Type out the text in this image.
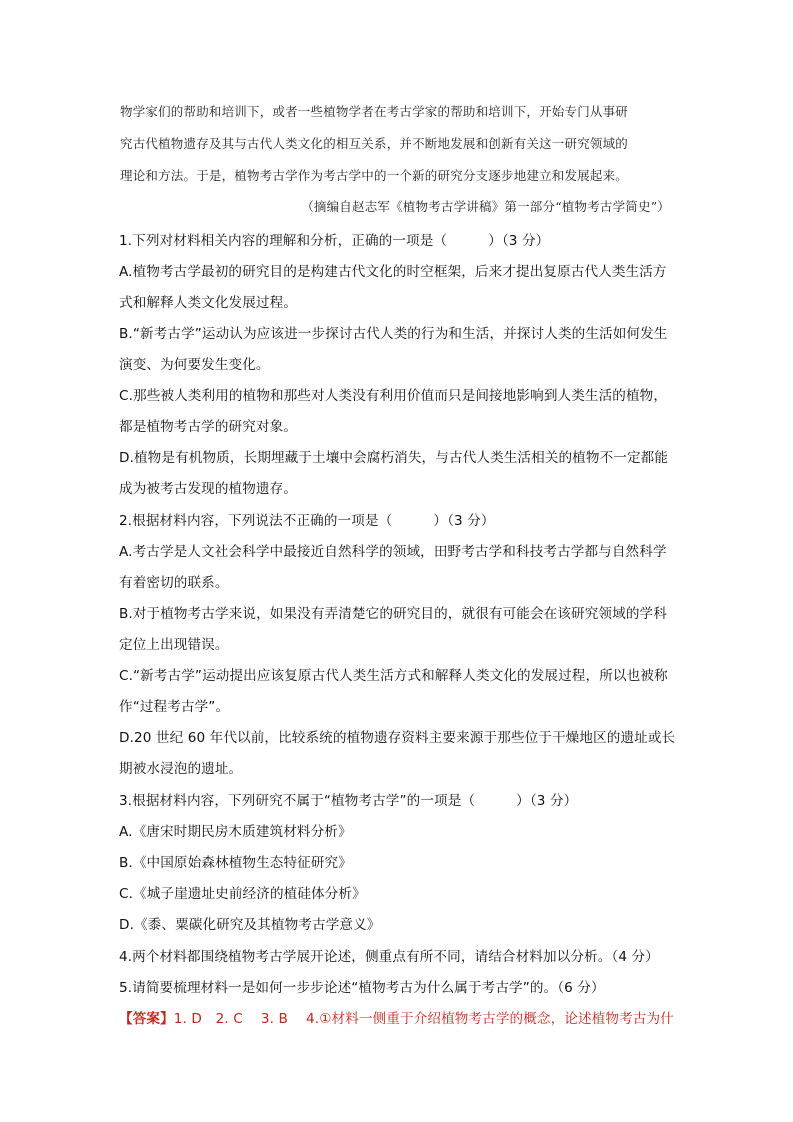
物学家们的帮助和培训下，或者一些植物学者在考古学家的帮助和培训下，开始专门从事研
究古代植物遗存及其与古代人类文化的相互关系，并不断地发展和创新有关这一研究领域的
理论和方法。于是，植物考古学作为考古学中的一个新的研究分支逐步地建立和发展起来。
（摘编自赵志军《植物考古学讲稿》第一部分“植物考古学简史”）
1.下列对材料相关内容的理解和分析，正确的一项是（　　　）（3 分）
A.植物考古学最初的研究目的是构建古代文化的时空框架，后来才提出复原古代人类生活方
式和解释人类文化发展过程。
B.“新考古学”运动认为应该进一步探讨古代人类的行为和生活，并探讨人类的生活如何发生
演变、为何要发生变化。
C.那些被人类利用的植物和那些对人类没有利用价值而只是间接地影响到人类生活的植物，
都是植物考古学的研究对象。
D.植物是有机物质，长期埋藏于土壤中会腐朽消失，与古代人类生活相关的植物不一定都能
成为被考古发现的植物遗存。
2.根据材料内容，下列说法不正确的一项是（　　　）（3 分）
A.考古学是人文社会科学中最接近自然科学的领域，田野考古学和科技考古学都与自然科学
有着密切的联系。
B.对于植物考古学来说，如果没有弄清楚它的研究目的，就很有可能会在该研究领域的学科
定位上出现错误。
C.“新考古学”运动提出应该复原古代人类生活方式和解释人类文化的发展过程，所以也被称
作“过程考古学”。
D.20 世纪 60 年代以前，比较系统的植物遗存资料主要来源于那些位于干燥地区的遗址或长
期被水浸泡的遗址。
3.根据材料内容，下列研究不属于“植物考古学”的一项是（　　　）（3 分）
A.《唐宋时期民房木质建筑材料分析》
B.《中国原始森林植物生态特征研究》
C.《城子崖遗址史前经济的植硅体分析》
D.《黍、粟碳化研究及其植物考古学意义》
4.两个材料都围绕植物考古学展开论述，侧重点有所不同，请结合材料加以分析。（4 分）
5.请简要梳理材料一是如何一步步论述“植物考古为什么属于考古学”的。（6 分）
【答案】1. D　2. C　 3. B　 4.①材料一侧重于介绍植物考古学的概念，论述植物考古为什
